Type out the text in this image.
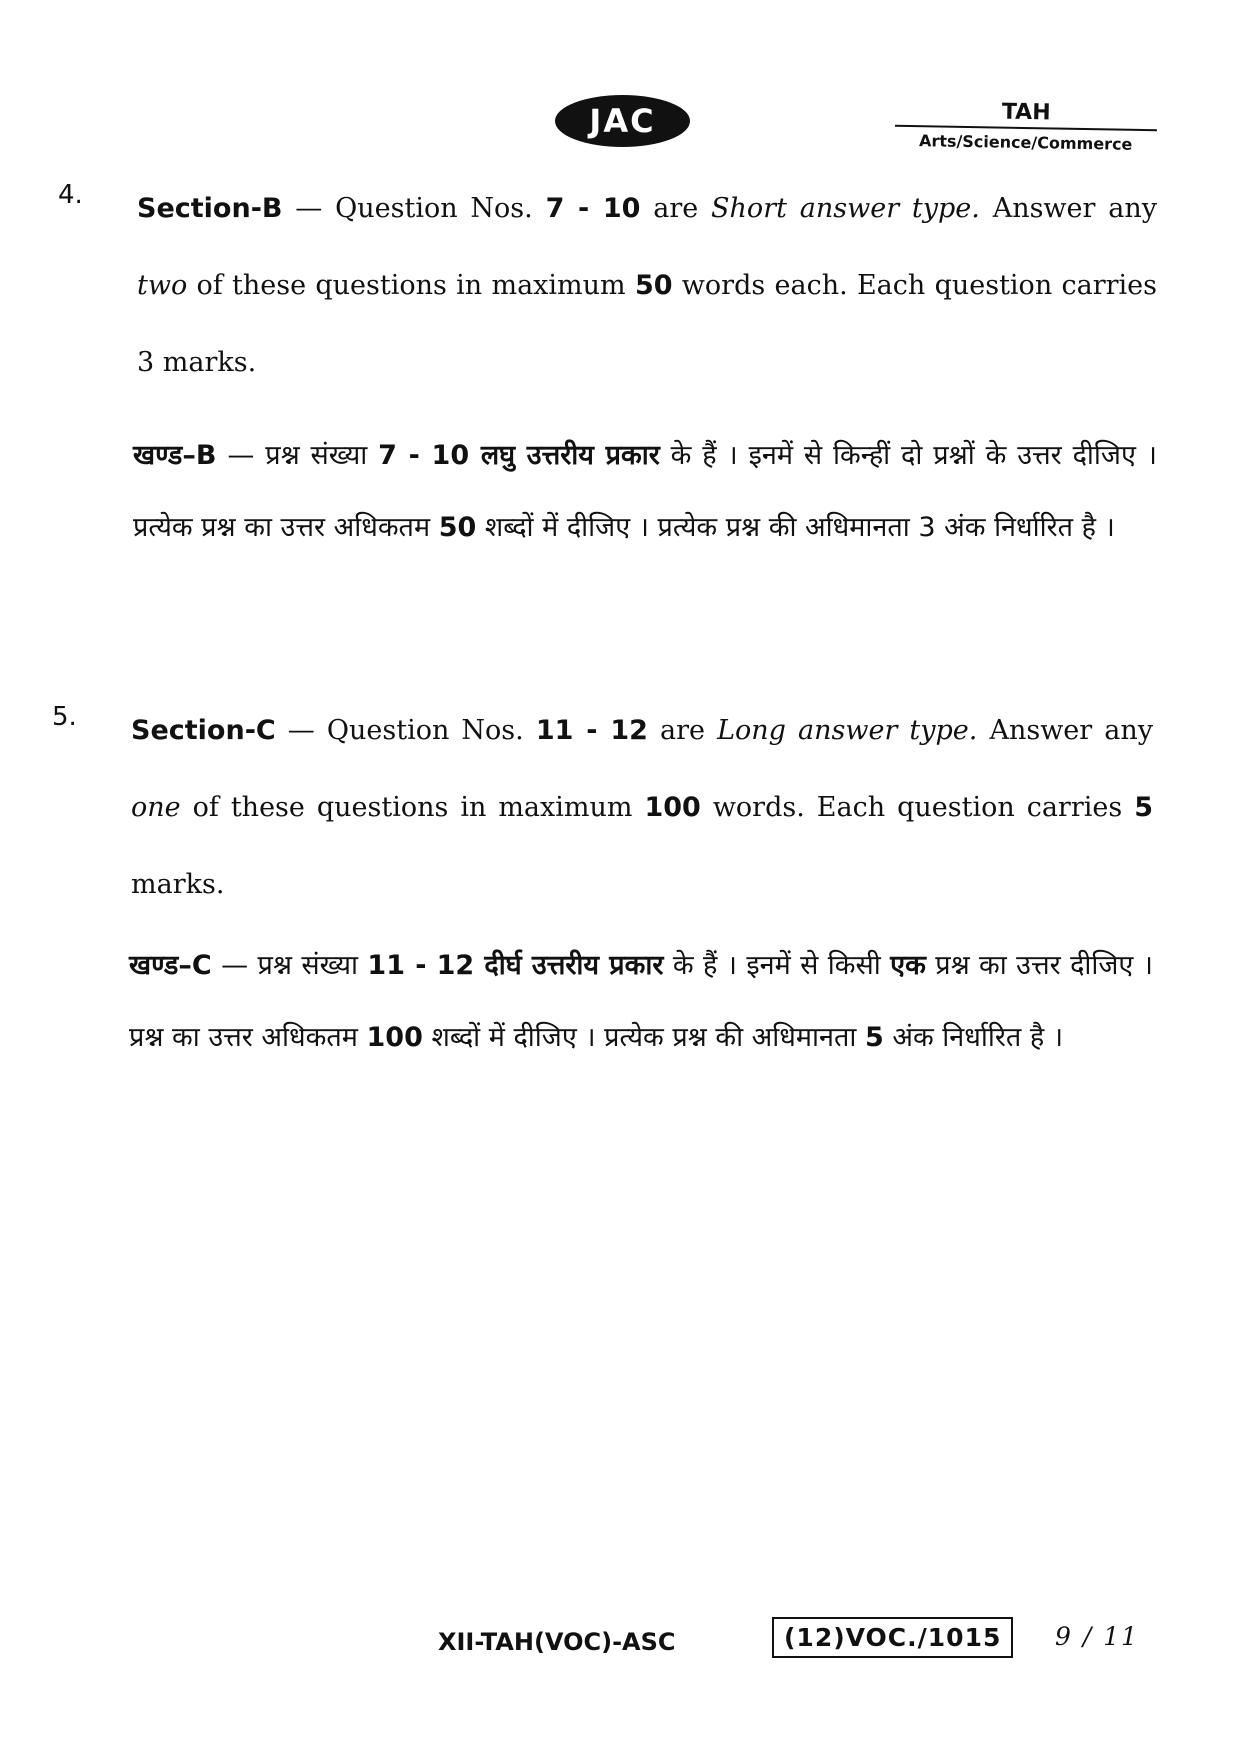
JAC	TAH
Arts/Science/Commerce
4. Section-B — Question Nos. 7 - 10 are Short answer type. Answer any two of these questions in maximum 50 words each. Each question carries 3 marks.
खण्ड–B — प्रश्न संख्या 7 - 10 लघु उत्तरीय प्रकार के हैं । इनमें से किन्हीं दो प्रश्नों के उत्तर दीजिए । प्रत्येक प्रश्न का उत्तर अधिकतम 50 शब्दों में दीजिए । प्रत्येक प्रश्न की अधिमानता 3 अंक निर्धारित है ।
5. Section-C — Question Nos. 11 - 12 are Long answer type. Answer any one of these questions in maximum 100 words. Each question carries 5 marks.
खण्ड–C — प्रश्न संख्या 11 - 12 दीर्घ उत्तरीय प्रकार के हैं । इनमें से किसी एक प्रश्न का उत्तर दीजिए । प्रश्न का उत्तर अधिकतम 100 शब्दों में दीजिए । प्रत्येक प्रश्न की अधिमानता 5 अंक निर्धारित है ।
XII-TAH(VOC)-ASC	(12)VOC./1015	9 / 11
